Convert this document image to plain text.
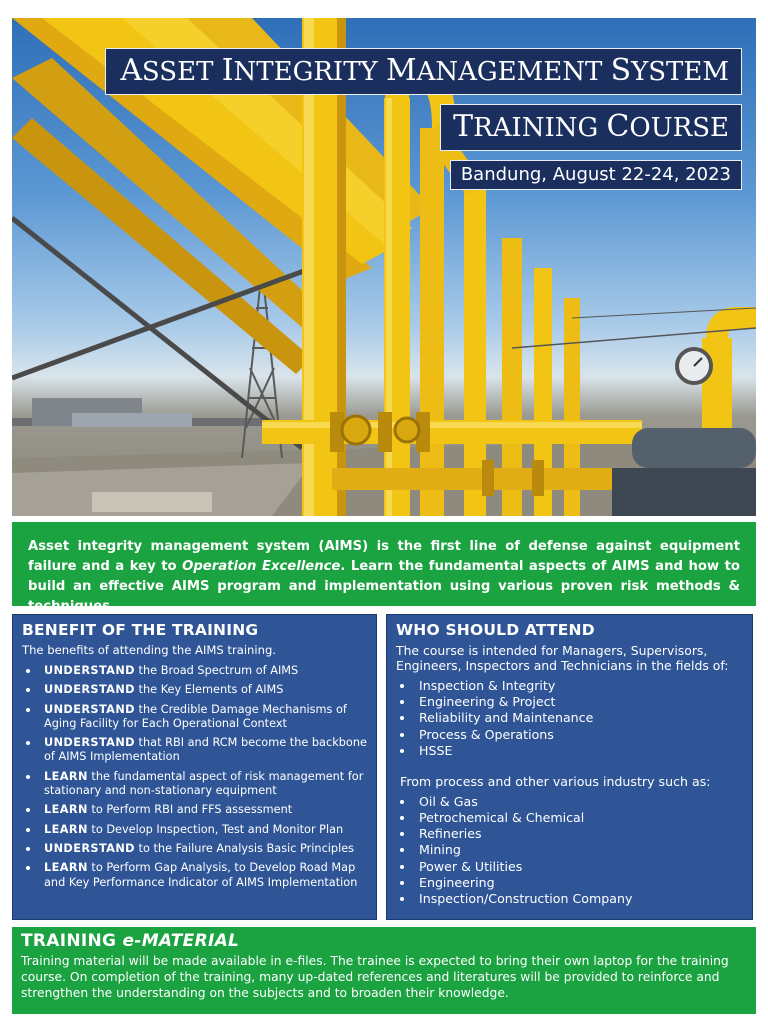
ASSET INTEGRITY MANAGEMENT SYSTEM
TRAINING COURSE
Bandung, August 22-24, 2023
Asset integrity management system (AIMS) is the first line of defense against equipment failure and a key to Operation Excellence. Learn the fundamental aspects of AIMS and how to build an effective AIMS program and implementation using various proven risk methods & techniques.
BENEFIT OF THE TRAINING
The benefits of attending the AIMS training.
UNDERSTAND the Broad Spectrum of AIMS
UNDERSTAND the Key Elements of AIMS
UNDERSTAND the Credible Damage Mechanisms of Aging Facility for Each Operational Context
UNDERSTAND that RBI and RCM become the backbone of AIMS Implementation
LEARN the fundamental aspect of risk management for stationary and non-stationary equipment
LEARN to Perform RBI and FFS assessment
LEARN to Develop Inspection, Test and Monitor Plan
UNDERSTAND to the Failure Analysis Basic Principles
LEARN to Perform Gap Analysis, to Develop Road Map and Key Performance Indicator of AIMS Implementation
WHO SHOULD ATTEND
The course is intended for Managers, Supervisors, Engineers, Inspectors and Technicians in the fields of:
Inspection & Integrity
Engineering & Project
Reliability and Maintenance
Process & Operations
HSSE
From process and other various industry such as:
Oil & Gas
Petrochemical & Chemical
Refineries
Mining
Power & Utilities
Engineering
Inspection/Construction Company
TRAINING e-MATERIAL

Training material will be made available in e-files. The trainee is expected to bring their own laptop for the training course. On completion of the training, many up-dated references and literatures will be provided to reinforce and strengthen the understanding on the subjects and to broaden their knowledge.
